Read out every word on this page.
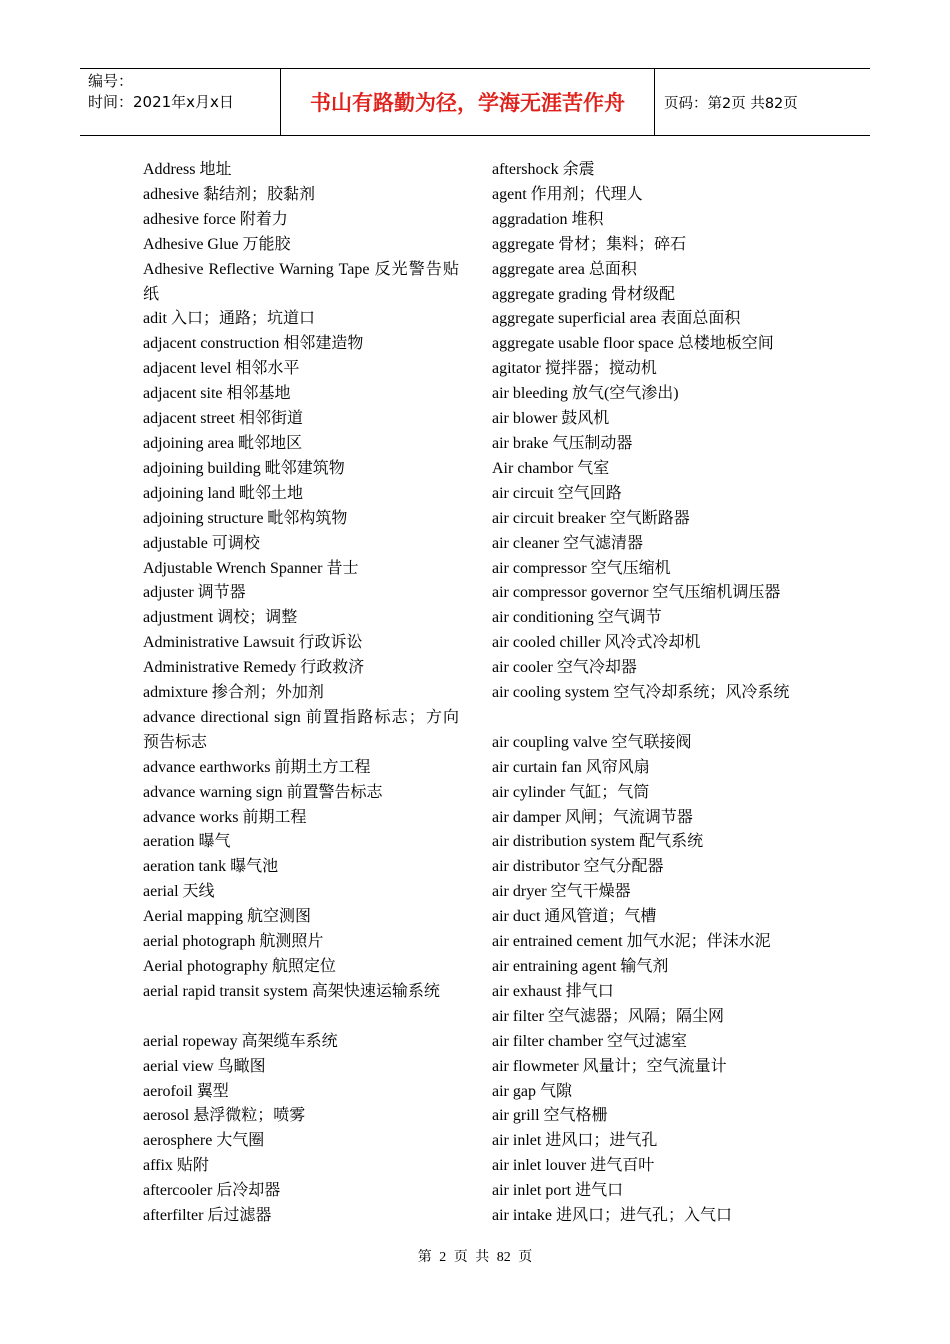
编号：
时间：2021年x月x日	书山有路勤为径，学海无涯苦作舟	页码：第2页 共82页

Address 地址

adhesive 黏结剂；胶黏剂

adhesive force 附着力

Adhesive Glue 万能胶

Adhesive Reflective Warning Tape 反光警告贴纸

adit 入口；通路；坑道口

adjacent construction 相邻建造物

adjacent level 相邻水平

adjacent site 相邻基地

adjacent street 相邻街道

adjoining area 毗邻地区

adjoining building 毗邻建筑物

adjoining land 毗邻土地

adjoining structure 毗邻构筑物

adjustable 可调校

Adjustable Wrench Spanner 昔士

adjuster 调节器

adjustment 调校；调整

Administrative Lawsuit 行政诉讼

Administrative Remedy 行政救济

admixture 掺合剂；外加剂

advance directional sign 前置指路标志；方向预告标志

advance earthworks 前期土方工程

advance warning sign 前置警告标志

advance works 前期工程

aeration 曝气

aeration tank 曝气池

aerial 天线

Aerial mapping 航空测图

aerial photograph 航测照片

Aerial photography 航照定位

aerial rapid transit system 高架快速运输系统

aerial ropeway 高架缆车系统

aerial view 鸟瞰图

aerofoil 翼型

aerosol 悬浮微粒；喷雾

aerosphere 大气圈

affix 贴附

aftercooler 后冷却器

afterfilter 后过滤器

aftershock 余震

agent 作用剂；代理人

aggradation 堆积

aggregate 骨材；集料；碎石

aggregate area 总面积

aggregate grading 骨材级配

aggregate superficial area 表面总面积

aggregate usable floor space 总楼地板空间

agitator 搅拌器；搅动机

air bleeding 放气(空气渗出)

air blower 鼓风机

air brake 气压制动器

Air chambor 气室

air circuit 空气回路

air circuit breaker 空气断路器

air cleaner 空气滤清器

air compressor 空气压缩机

air compressor governor 空气压缩机调压器

air conditioning 空气调节

air cooled chiller 风冷式冷却机

air cooler 空气冷却器

air cooling system 空气冷却系统；风冷系统

air coupling valve 空气联接阀

air curtain fan 风帘风扇

air cylinder 气缸；气筒

air damper 风闸；气流调节器

air distribution system 配气系统

air distributor 空气分配器

air dryer 空气干燥器

air duct 通风管道；气槽

air entrained cement 加气水泥；伴沫水泥

air entraining agent 输气剂

air exhaust 排气口

air filter 空气滤器；风隔；隔尘网

air filter chamber 空气过滤室

air flowmeter 风量计；空气流量计

air gap 气隙

air grill 空气格栅

air inlet 进风口；进气孔

air inlet louver 进气百叶

air inlet port 进气口

air intake 进风口；进气孔；入气口

第 2 页 共 82 页
